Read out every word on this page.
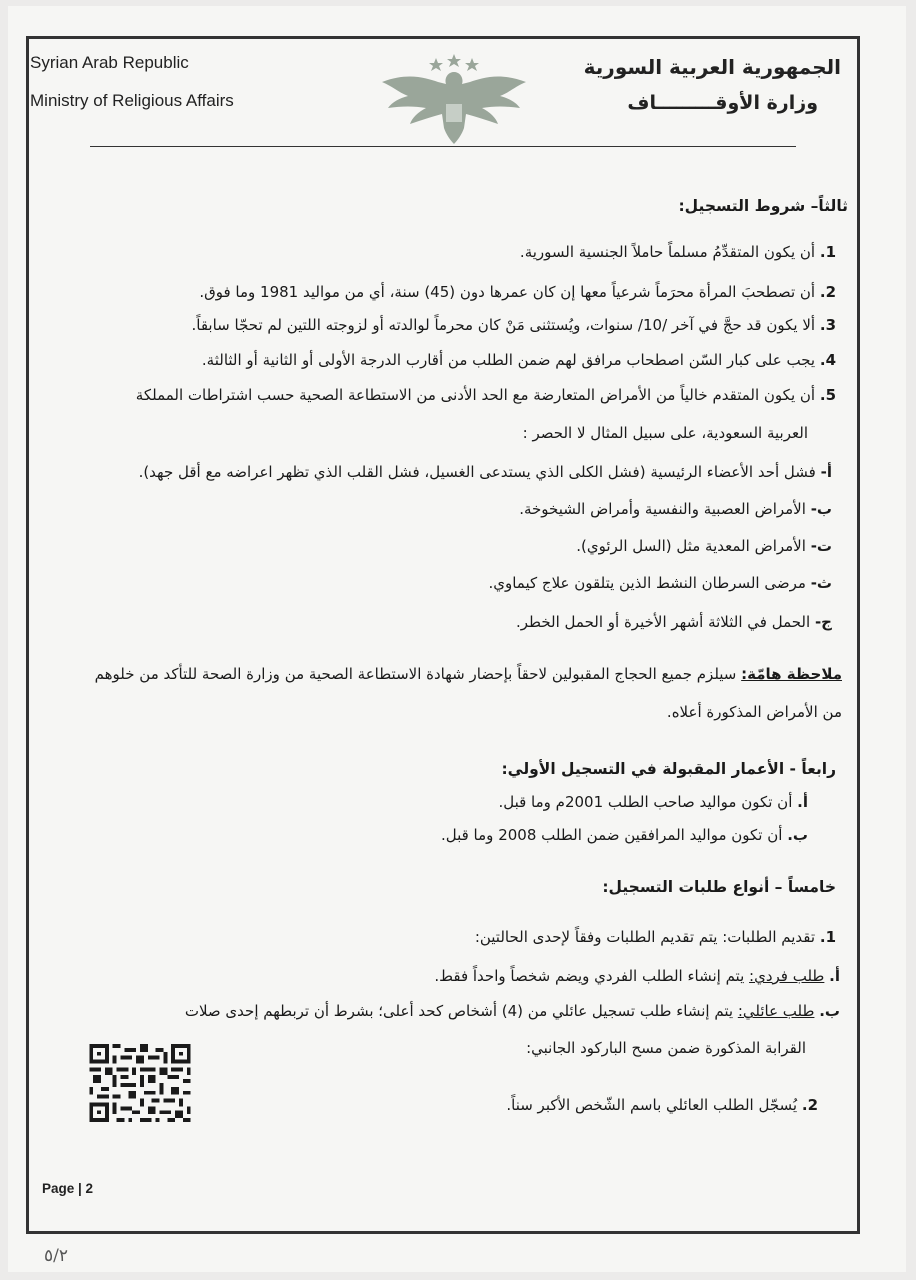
Syrian Arab Republic
Ministry of Religious Affairs
الجمهورية العربية السورية
وزارة الأوقـــــــــاف
ثالثاً– شروط التسجيل:
1. أن يكون المتقدِّمُ مسلماً حاملاً الجنسية السورية.
2. أن تصطحبَ المرأة محرَماً شرعياً معها إن كان عمرها دون (45) سنة، أي من مواليد 1981 وما فوق.
3. ألا يكون قد حجَّ في آخر /10/ سنوات، ويُستثنى مَنْ كان محرماً لوالدته أو لزوجته اللتين لم تحجّا سابقاً.
4. يجب على كبار السّن اصطحاب مرافق لهم ضمن الطلب من أقارب الدرجة الأولى أو الثانية أو الثالثة.
5. أن يكون المتقدم خالياً من الأمراض المتعارضة مع الحد الأدنى من الاستطاعة الصحية حسب اشتراطات المملكة
العربية السعودية، على سبيل المثال لا الحصر :
أ- فشل أحد الأعضاء الرئيسية (فشل الكلى الذي يستدعى الغسيل، فشل القلب الذي تظهر اعراضه مع أقل جهد).
ب- الأمراض العصبية والنفسية وأمراض الشيخوخة.
ت- الأمراض المعدية مثل (السل الرئوي).
ث- مرضى السرطان النشط الذين يتلقون علاج كيماوي.
ج- الحمل في الثلاثة أشهر الأخيرة أو الحمل الخطر.
ملاحظة هامّة: سيلزم جميع الحجاج المقبولين لاحقاً بإحضار شهادة الاستطاعة الصحية من وزارة الصحة للتأكد من خلوهم
من الأمراض المذكورة أعلاه.
رابعاً - الأعمار المقبولة في التسجيل الأولي:
أ. أن تكون مواليد صاحب الطلب 2001م وما قبل.
ب. أن تكون مواليد المرافقين ضمن الطلب 2008 وما قبل.
خامساً – أنواع طلبات التسجيل:
1. تقديم الطلبات: يتم تقديم الطلبات وفقاً لإحدى الحالتين:
أ. طلب فردي: يتم إنشاء الطلب الفردي ويضم شخصاً واحداً فقط.
ب. طلب عائلي: يتم إنشاء طلب تسجيل عائلي من (4) أشخاص كحد أعلى؛ بشرط أن تربطهم إحدى صلات
القرابة المذكورة ضمن مسح الباركود الجانبي:
2. يُسجّل الطلب العائلي باسم الشّخص الأكبر سناً.
Page | 2
٥/٢
